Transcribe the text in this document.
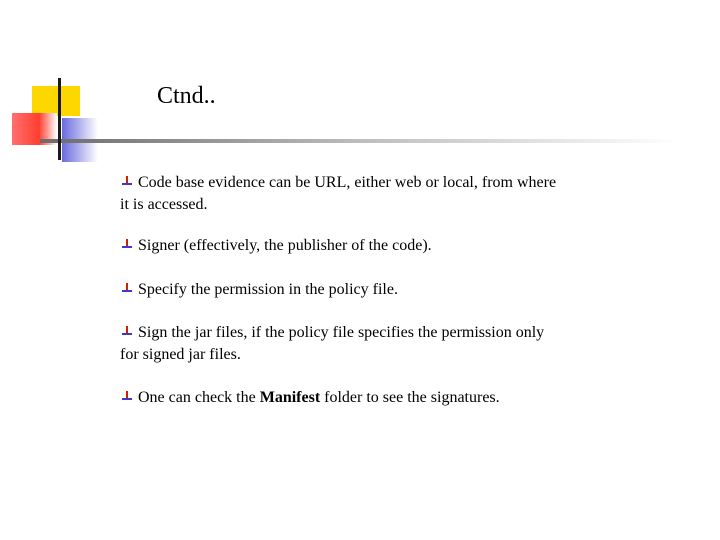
Ctnd..
Code base evidence can be URL, either web or local, from where
it is accessed.
Signer (effectively, the publisher of the code).
Specify the permission in the policy file.
Sign the jar files, if the policy file specifies the permission only
for signed jar files.
One can check the Manifest folder to see the signatures.
